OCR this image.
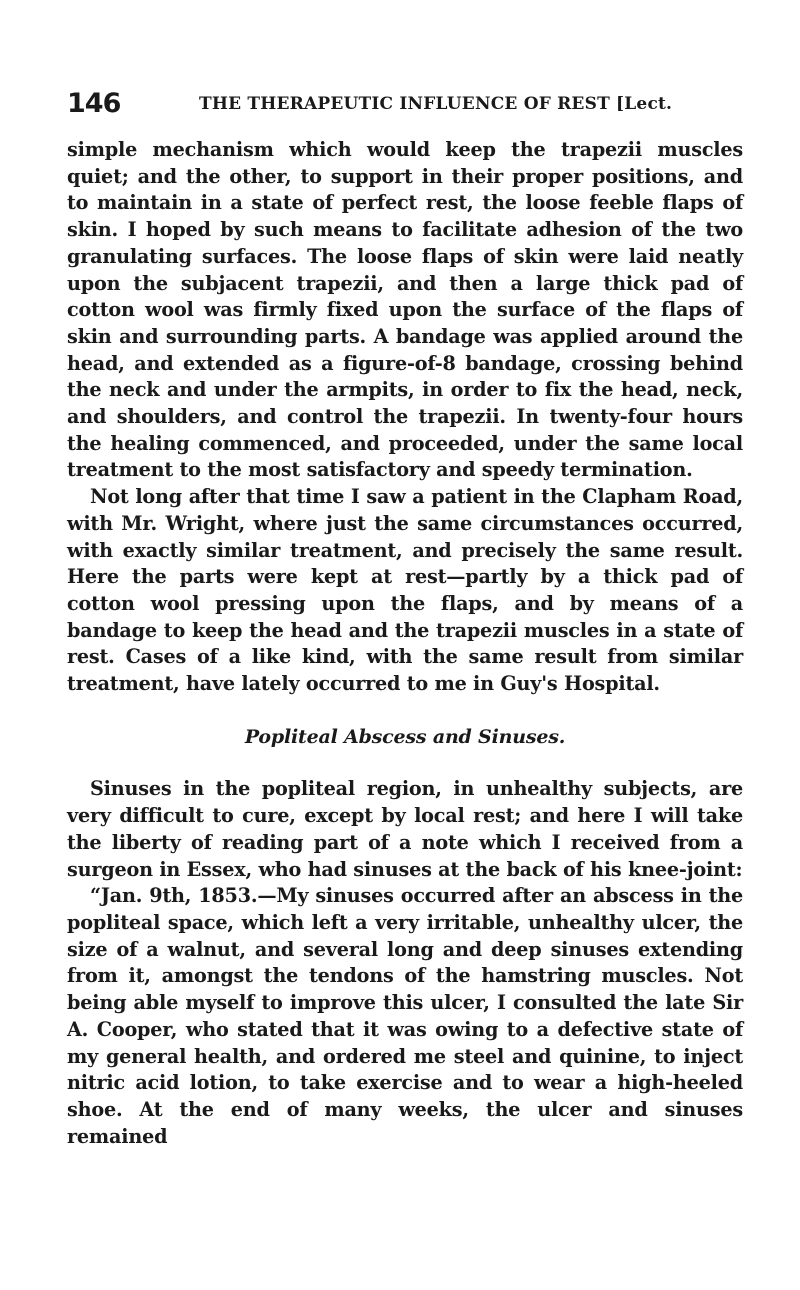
146	THE THERAPEUTIC INFLUENCE OF REST [Lect.

simple mechanism which would keep the trapezii muscles quiet; and the other, to support in their proper positions, and to maintain in a state of perfect rest, the loose feeble flaps of skin. I hoped by such means to facilitate adhesion of the two granulating surfaces. The loose flaps of skin were laid neatly upon the subjacent trapezii, and then a large thick pad of cotton wool was firmly fixed upon the surface of the flaps of skin and surrounding parts. A bandage was applied around the head, and extended as a figure-of-8 bandage, crossing behind the neck and under the armpits, in order to fix the head, neck, and shoulders, and control the trapezii. In twenty-four hours the healing commenced, and proceeded, under the same local treatment to the most satisfactory and speedy termination.

Not long after that time I saw a patient in the Clapham Road, with Mr. Wright, where just the same circumstances occurred, with exactly similar treatment, and precisely the same result. Here the parts were kept at rest—partly by a thick pad of cotton wool pressing upon the flaps, and by means of a bandage to keep the head and the trapezii muscles in a state of rest. Cases of a like kind, with the same result from similar treatment, have lately occurred to me in Guy's Hospital.

Popliteal Abscess and Sinuses.

Sinuses in the popliteal region, in unhealthy subjects, are very difficult to cure, except by local rest; and here I will take the liberty of reading part of a note which I received from a surgeon in Essex, who had sinuses at the back of his knee-joint:

“Jan. 9th, 1853.—My sinuses occurred after an abscess in the popliteal space, which left a very irritable, unhealthy ulcer, the size of a walnut, and several long and deep sinuses extending from it, amongst the tendons of the hamstring muscles. Not being able myself to improve this ulcer, I consulted the late Sir A. Cooper, who stated that it was owing to a defective state of my general health, and ordered me steel and quinine, to inject nitric acid lotion, to take exercise and to wear a high-heeled shoe. At the end of many weeks, the ulcer and sinuses remained
